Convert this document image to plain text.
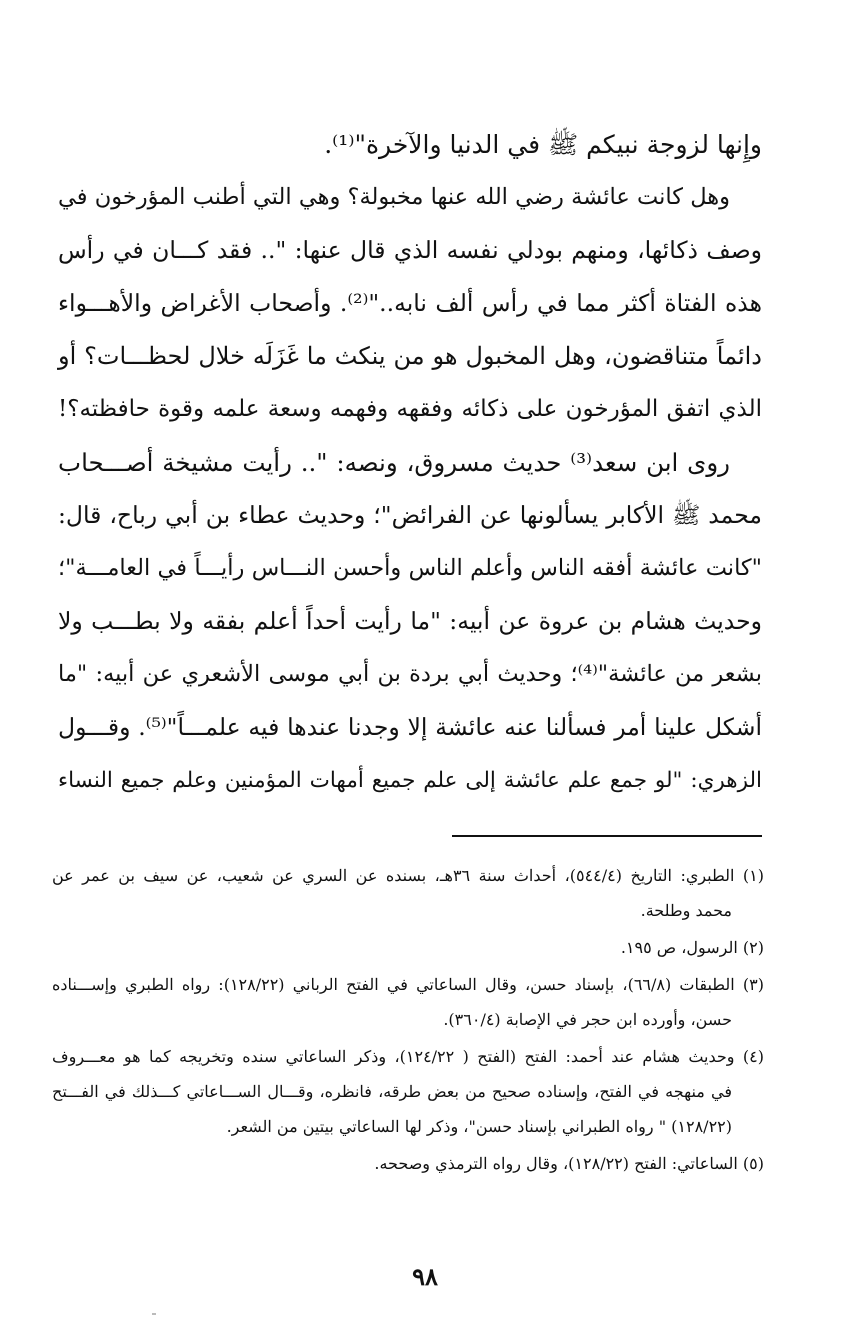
وإِنها لزوجة نبيكم ﷺ في الدنيا والآخرة"⁽¹⁾.
وهل كانت عائشة رضي الله عنها مخبولة؟ وهي التي أطنب المؤرخون في
وصف ذكائها، ومنهم بودلي نفسه الذي قال عنها: ".. فقد كـــان في رأس
هذه الفتاة أكثر مما في رأس ألف نابه.."⁽²⁾. وأصحاب الأغراض والأهـــواء
دائماً متناقضون، وهل المخبول هو من ينكث ما غَزَلَه خلال لحظـــات؟ أو
الذي اتفق المؤرخون على ذكائه وفقهه وفهمه وسعة علمه وقوة حافظته؟!
روى ابن سعد⁽³⁾ حديث مسروق، ونصه: ".. رأيت مشيخة أصـــحاب
محمد ﷺ الأكابر يسألونها عن الفرائض"؛ وحديث عطاء بن أبي رباح، قال:
"كانت عائشة أفقه الناس وأعلم الناس وأحسن النـــاس رأيـــاً في العامـــة"؛
وحديث هشام بن عروة عن أبيه: "ما رأيت أحداً أعلم بفقه ولا بطـــب ولا
بشعر من عائشة"⁽⁴⁾؛ وحديث أبي بردة بن أبي موسى الأشعري عن أبيه: "ما
أشكل علينا أمر فسألنا عنه عائشة إلا وجدنا عندها فيه علمـــاً"⁽⁵⁾. وقـــول
الزهري: "لو جمع علم عائشة إلى علم جميع أمهات المؤمنين وعلم جميع النساء
(١) الطبري: التاريخ (٥٤٤/٤)، أحداث سنة ٣٦هـ، بسنده عن السري عن شعيب، عن سيف بن عمر عن
محمد وطلحة.
(٢) الرسول، ص ١٩٥.
(٣) الطبقات (٦٦/٨)، بإسناد حسن، وقال الساعاتي في الفتح الرباني (١٢٨/٢٢): رواه الطبري وإســـناده
حسن، وأورده ابن حجر في الإصابة (٣٦٠/٤).
(٤) وحديث هشام عند أحمد: الفتح (الفتح ( ١٢٤/٢٢)، وذكر الساعاتي سنده وتخريجه كما هو معـــروف
في منهجه في الفتح، وإسناده صحيح من بعض طرقه، فانظره، وقـــال الســـاعاتي كـــذلك في الفـــتح
(١٢٨/٢٢) " رواه الطبراني بإسناد حسن"، وذكر لها الساعاتي بيتين من الشعر.
(٥) الساعاتي: الفتح (١٢٨/٢٢)، وقال رواه الترمذي وصححه.
٩٨
